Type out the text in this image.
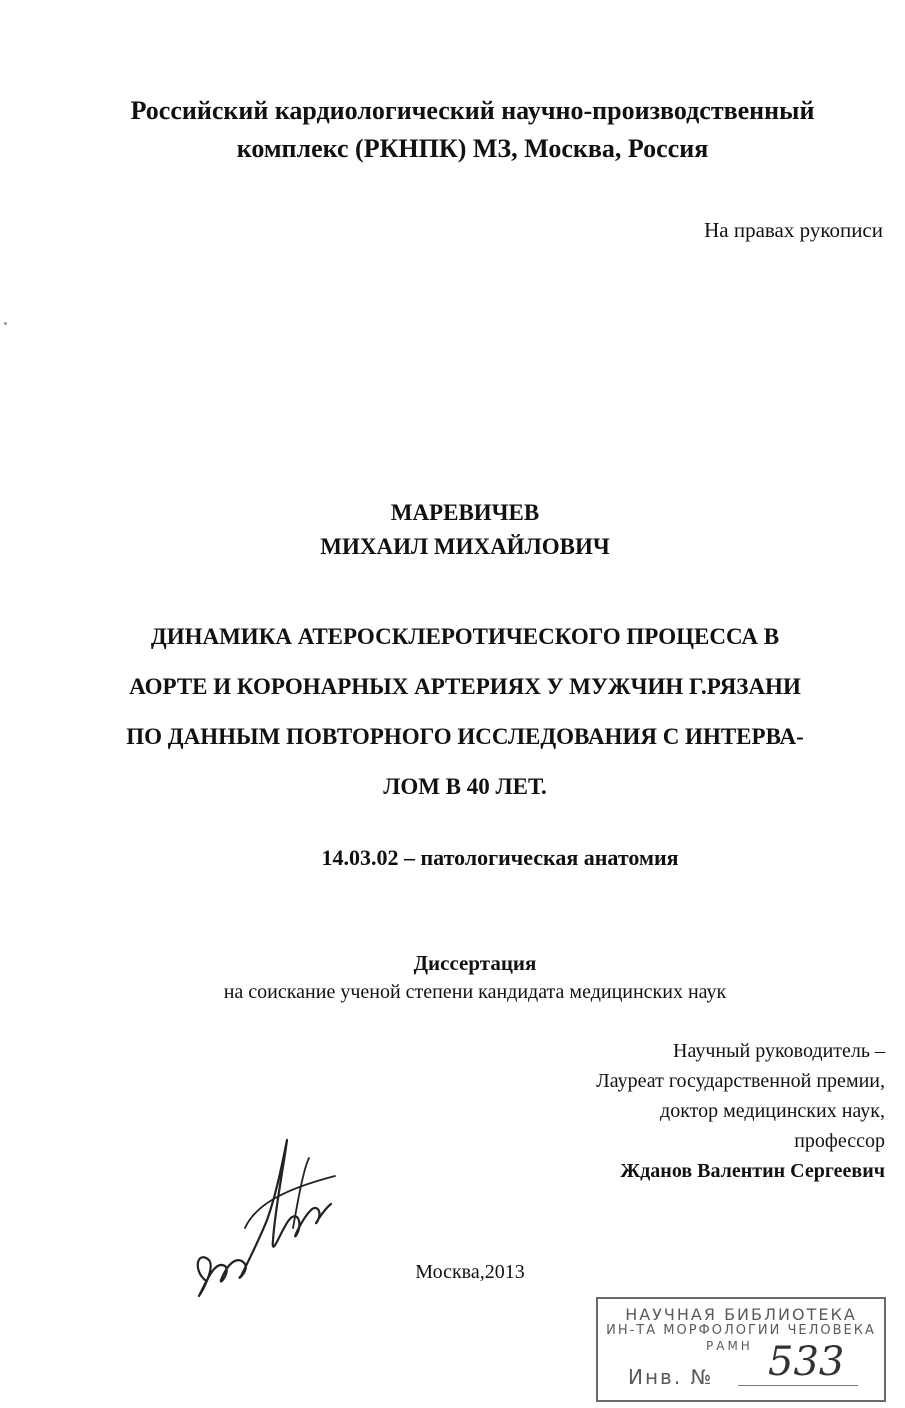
Российский кардиологический научно-производственный
комплекс (РКНПК) МЗ, Москва, Россия
На правах рукописи
МАРЕВИЧЕВ
МИХАИЛ МИХАЙЛОВИЧ
ДИНАМИКА АТЕРОСКЛЕРОТИЧЕСКОГО ПРОЦЕССА В
АОРТЕ И КОРОНАРНЫХ АРТЕРИЯХ У МУЖЧИН Г.РЯЗАНИ
ПО ДАННЫМ ПОВТОРНОГО ИССЛЕДОВАНИЯ С ИНТЕРВА-
ЛОМ В 40 ЛЕТ.
14.03.02 – патологическая анатомия
Диссертация
на соискание ученой степени кандидата медицинских наук
Научный руководитель –
Лауреат государственной премии,
доктор медицинских наук,
профессор
Жданов Валентин Сергеевич
Москва,2013
НАУЧНАЯ БИБЛИОТЕКА
ИН-ТА МОРФОЛОГИИ ЧЕЛОВЕКА
РАМН
Инв. № 533
